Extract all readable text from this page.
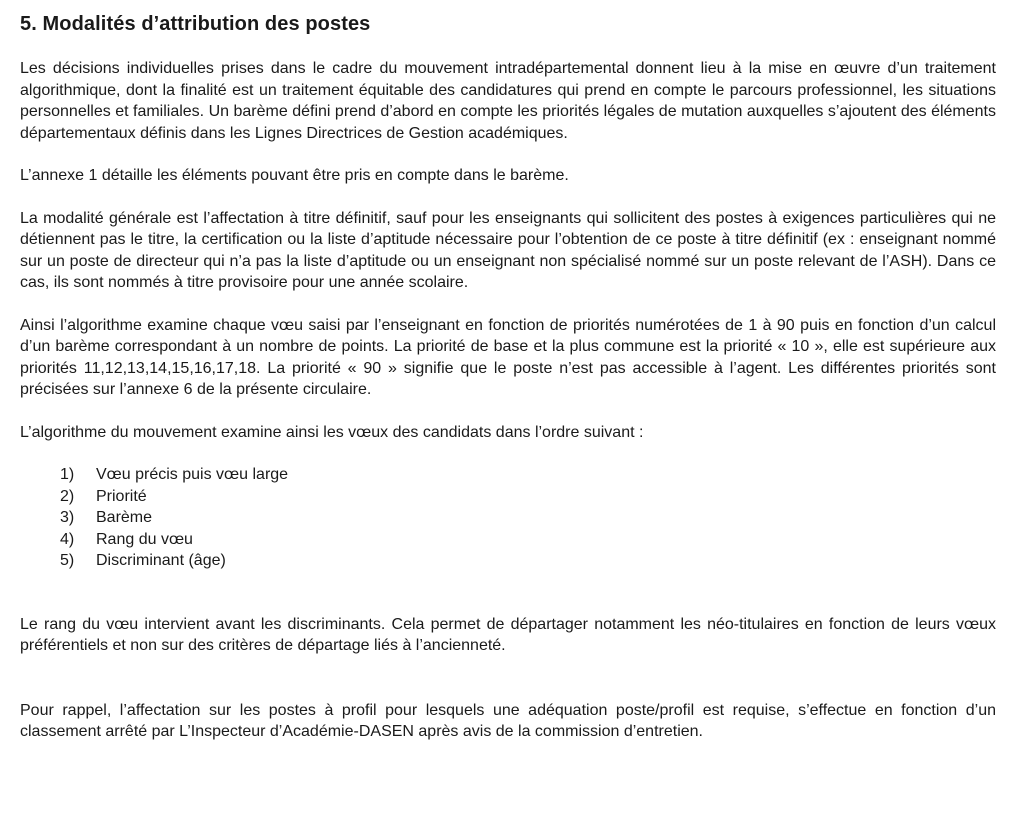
5. Modalités d’attribution des postes

Les décisions individuelles prises dans le cadre du mouvement intradépartemental donnent lieu à la mise en œuvre d’un traitement algorithmique, dont la finalité est un traitement équitable des candidatures qui prend en compte le parcours professionnel, les situations personnelles et familiales. Un barème défini prend d’abord en compte les priorités légales de mutation auxquelles s’ajoutent des éléments départementaux définis dans les Lignes Directrices de Gestion académiques.

L’annexe 1 détaille les éléments pouvant être pris en compte dans le barème.

La modalité générale est l’affectation à titre définitif, sauf pour les enseignants qui sollicitent des postes à exigences particulières qui ne détiennent pas le titre, la certification ou la liste d’aptitude nécessaire pour l’obtention de ce poste à titre définitif (ex : enseignant nommé sur un poste de directeur qui n’a pas la liste d’aptitude ou un enseignant non spécialisé nommé sur un poste relevant de l’ASH). Dans ce cas, ils sont nommés à titre provisoire pour une année scolaire.

Ainsi l’algorithme examine chaque vœu saisi par l’enseignant en fonction de priorités numérotées de 1 à 90 puis en fonction d’un calcul d’un barème correspondant à un nombre de points. La priorité de base et la plus commune est la priorité « 10 », elle est supérieure aux priorités 11,12,13,14,15,16,17,18. La priorité « 90 » signifie que le poste n’est pas accessible à l’agent. Les différentes priorités sont précisées sur l’annexe 6 de la présente circulaire.

L’algorithme du mouvement examine ainsi les vœux des candidats dans l’ordre suivant :

1)	Vœu précis puis vœu large
2)	Priorité
3)	Barème
4)	Rang du vœu
5)	Discriminant (âge)

Le rang du vœu intervient avant les discriminants. Cela permet de départager notamment les néo-titulaires en fonction de leurs vœux préférentiels et non sur des critères de départage liés à l’ancienneté.

Pour rappel, l’affectation sur les postes à profil pour lesquels une adéquation poste/profil est requise, s’effectue en fonction d’un classement arrêté par L’Inspecteur d’Académie-DASEN après avis de la commission d’entretien.
